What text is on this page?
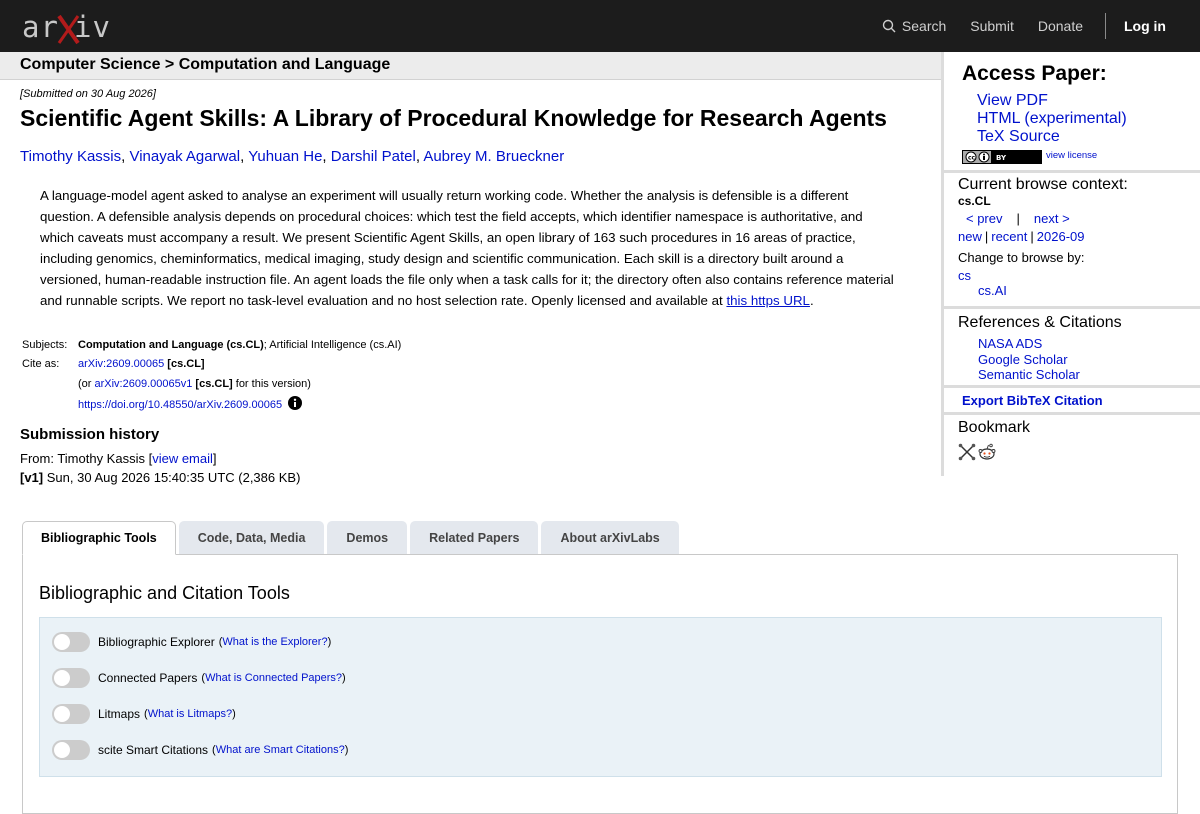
ar iv	Search	Submit	Donate	Log in
Computer Science > Computation and Language
[Submitted on 30 Aug 2026]
Scientific Agent Skills: A Library of Procedural Knowledge for Research Agents
Timothy Kassis, Vinayak Agarwal, Yuhuan He, Darshil Patel, Aubrey M. Brueckner

A language-model agent asked to analyse an experiment will usually return working code. Whether the analysis is defensible is a different question. A defensible analysis depends on procedural choices: which test the field accepts, which identifier namespace is authoritative, and which caveats must accompany a result. We present Scientific Agent Skills, an open library of 163 such procedures in 16 areas of practice, including genomics, cheminformatics, medical imaging, study design and scientific communication. Each skill is a directory built around a versioned, human-readable instruction file. An agent loads the file only when a task calls for it; the directory often also contains reference material and runnable scripts. We report no task-level evaluation and no host selection rate. Openly licensed and available at this https URL.

Subjects:	Computation and Language (cs.CL); Artificial Intelligence (cs.AI)
Cite as:	arXiv:2609.00065 [cs.CL]
	(or arXiv:2609.00065v1 [cs.CL] for this version)
	https://doi.org/10.48550/arXiv.2609.00065
Submission history
From: Timothy Kassis [view email]
[v1] Sun, 30 Aug 2026 15:40:35 UTC (2,386 KB)
Access Paper:
View PDF
HTML (experimental)
TeX Source
cc	BY	view license
Current browse context:
cs.CL
< prev | next >
new | recent | 2026-09
Change to browse by:
cs
cs.AI
References & Citations
NASA ADS
Google Scholar
Semantic Scholar
Export BibTeX Citation
Bookmark
Bibliographic Tools	Code, Data, Media	Demos	Related Papers	About arXivLabs
Bibliographic and Citation Tools
Bibliographic Explorer (What is the Explorer?)
Connected Papers (What is Connected Papers?)
Litmaps (What is Litmaps?)
scite Smart Citations (What are Smart Citations?)
